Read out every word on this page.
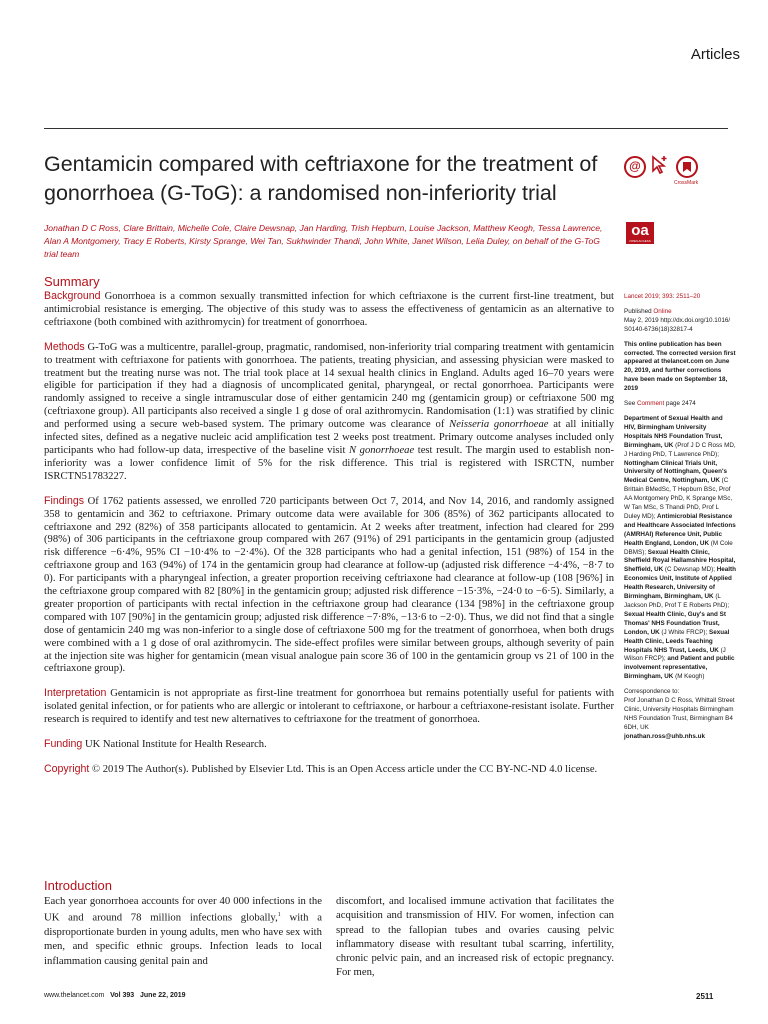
Articles
Gentamicin compared with ceftriaxone for the treatment of gonorrhoea (G-ToG): a randomised non-inferiority trial
@
CrossMark
oa
OPEN ACCESS
Jonathan D C Ross, Clare Brittain, Michelle Cole, Claire Dewsnap, Jan Harding, Trish Hepburn, Louise Jackson, Matthew Keogh, Tessa Lawrence, Alan A Montgomery, Tracy E Roberts, Kirsty Sprange, Wei Tan, Sukhwinder Thandi, John White, Janet Wilson, Lelia Duley, on behalf of the G-ToG trial team
Summary

Background Gonorrhoea is a common sexually transmitted infection for which ceftriaxone is the current first-line treatment, but antimicrobial resistance is emerging. The objective of this study was to assess the effectiveness of gentamicin as an alternative to ceftriaxone (both combined with azithromycin) for treatment of gonorrhoea.

Methods G-ToG was a multicentre, parallel-group, pragmatic, randomised, non-inferiority trial comparing treatment with gentamicin to treatment with ceftriaxone for patients with gonorrhoea. The patients, treating physician, and assessing physician were masked to treatment but the treating nurse was not. The trial took place at 14 sexual health clinics in England. Adults aged 16–70 years were eligible for participation if they had a diagnosis of uncomplicated genital, pharyngeal, or rectal gonorrhoea. Participants were randomly assigned to receive a single intramuscular dose of either gentamicin 240 mg (gentamicin group) or ceftriaxone 500 mg (ceftriaxone group). All participants also received a single 1 g dose of oral azithromycin. Randomisation (1:1) was stratified by clinic and performed using a secure web-based system. The primary outcome was clearance of Neisseria gonorrhoeae at all initially infected sites, defined as a negative nucleic acid amplification test 2 weeks post treatment. Primary outcome analyses included only participants who had follow-up data, irrespective of the baseline visit N gonorrhoeae test result. The margin used to establish non-inferiority was a lower confidence limit of 5% for the risk difference. This trial is registered with ISRCTN, number ISRCTN51783227.

Findings Of 1762 patients assessed, we enrolled 720 participants between Oct 7, 2014, and Nov 14, 2016, and randomly assigned 358 to gentamicin and 362 to ceftriaxone. Primary outcome data were available for 306 (85%) of 362 participants allocated to ceftriaxone and 292 (82%) of 358 participants allocated to gentamicin. At 2 weeks after treatment, infection had cleared for 299 (98%) of 306 participants in the ceftriaxone group compared with 267 (91%) of 291 participants in the gentamicin group (adjusted risk difference −6·4%, 95% CI −10·4% to −2·4%). Of the 328 participants who had a genital infection, 151 (98%) of 154 in the ceftriaxone group and 163 (94%) of 174 in the gentamicin group had clearance at follow-up (adjusted risk difference −4·4%, −8·7 to 0). For participants with a pharyngeal infection, a greater proportion receiving ceftriaxone had clearance at follow-up (108 [96%] in the ceftriaxone group compared with 82 [80%] in the gentamicin group; adjusted risk difference −15·3%, −24·0 to −6·5). Similarly, a greater proportion of participants with rectal infection in the ceftriaxone group had clearance (134 [98%] in the ceftriaxone group compared with 107 [90%] in the gentamicin group; adjusted risk difference −7·8%, −13·6 to −2·0). Thus, we did not find that a single dose of gentamicin 240 mg was non-inferior to a single dose of ceftriaxone 500 mg for the treatment of gonorrhoea, when both drugs were combined with a 1 g dose of oral azithromycin. The side-effect profiles were similar between groups, although severity of pain at the injection site was higher for gentamicin (mean visual analogue pain score 36 of 100 in the gentamicin group vs 21 of 100 in the ceftriaxone group).

Interpretation Gentamicin is not appropriate as first-line treatment for gonorrhoea but remains potentially useful for patients with isolated genital infection, or for patients who are allergic or intolerant to ceftriaxone, or harbour a ceftriaxone-resistant isolate. Further research is required to identify and test new alternatives to ceftriaxone for the treatment of gonorrhoea.

Funding UK National Institute for Health Research.

Copyright © 2019 The Author(s). Published by Elsevier Ltd. This is an Open Access article under the CC BY-NC-ND 4.0 license.

Introduction

Each year gonorrhoea accounts for over 40 000 infections in the UK and around 78 million infections globally,$^1$ with a disproportionate burden in young adults, men who have sex with men, and specific ethnic groups. Infection leads to local inflammation causing genital pain and

discomfort, and localised immune activation that facilitates the acquisition and transmission of HIV. For women, infection can spread to the fallopian tubes and ovaries causing pelvic inflammatory disease with resultant tubal scarring, infertility, chronic pelvic pain, and an increased risk of ectopic pregnancy. For men,

Lancet 2019; 393: 2511–20

Published Online
May 2, 2019 http://dx.doi.org/10.1016/ S0140-6736(18)32817-4

This online publication has been corrected. The corrected version first appeared at thelancet.com on June 20, 2019, and further corrections have been made on September 18, 2019

See Comment page 2474

Department of Sexual Health and HIV, Birmingham University Hospitals NHS Foundation Trust, Birmingham, UK (Prof J D C Ross MD, J Harding PhD, T Lawrence PhD); Nottingham Clinical Trials Unit, University of Nottingham, Queen's Medical Centre, Nottingham, UK (C Brittain BMedSc, T Hepburn BSc, Prof AA Montgomery PhD, K Sprange MSc, W Tan MSc, S Thandi PhD, Prof L Duley MD); Antimicrobial Resistance and Healthcare Associated Infections (AMRHAI) Reference Unit, Public Health England, London, UK (M Cole DBMS); Sexual Health Clinic, Sheffield Royal Hallamshire Hospital, Sheffield, UK (C Dewsnap MD); Health Economics Unit, Institute of Applied Health Research, University of Birmingham, Birmingham, UK (L Jackson PhD, Prof T E Roberts PhD); Sexual Health Clinic, Guy's and St Thomas' NHS Foundation Trust, London, UK (J White FRCP); Sexual Health Clinic, Leeds Teaching Hospitals NHS Trust, Leeds, UK (J Wilson FRCP); and Patient and public involvement representative, Birmingham, UK (M Keogh)

Correspondence to:
Prof Jonathan D C Ross, Whittall Street Clinic, University Hospitals Birmingham NHS Foundation Trust, Birmingham B4 6DH, UK
jonathan.ross@uhb.nhs.uk

www.thelancet.com Vol 393 June 22, 2019	2511
